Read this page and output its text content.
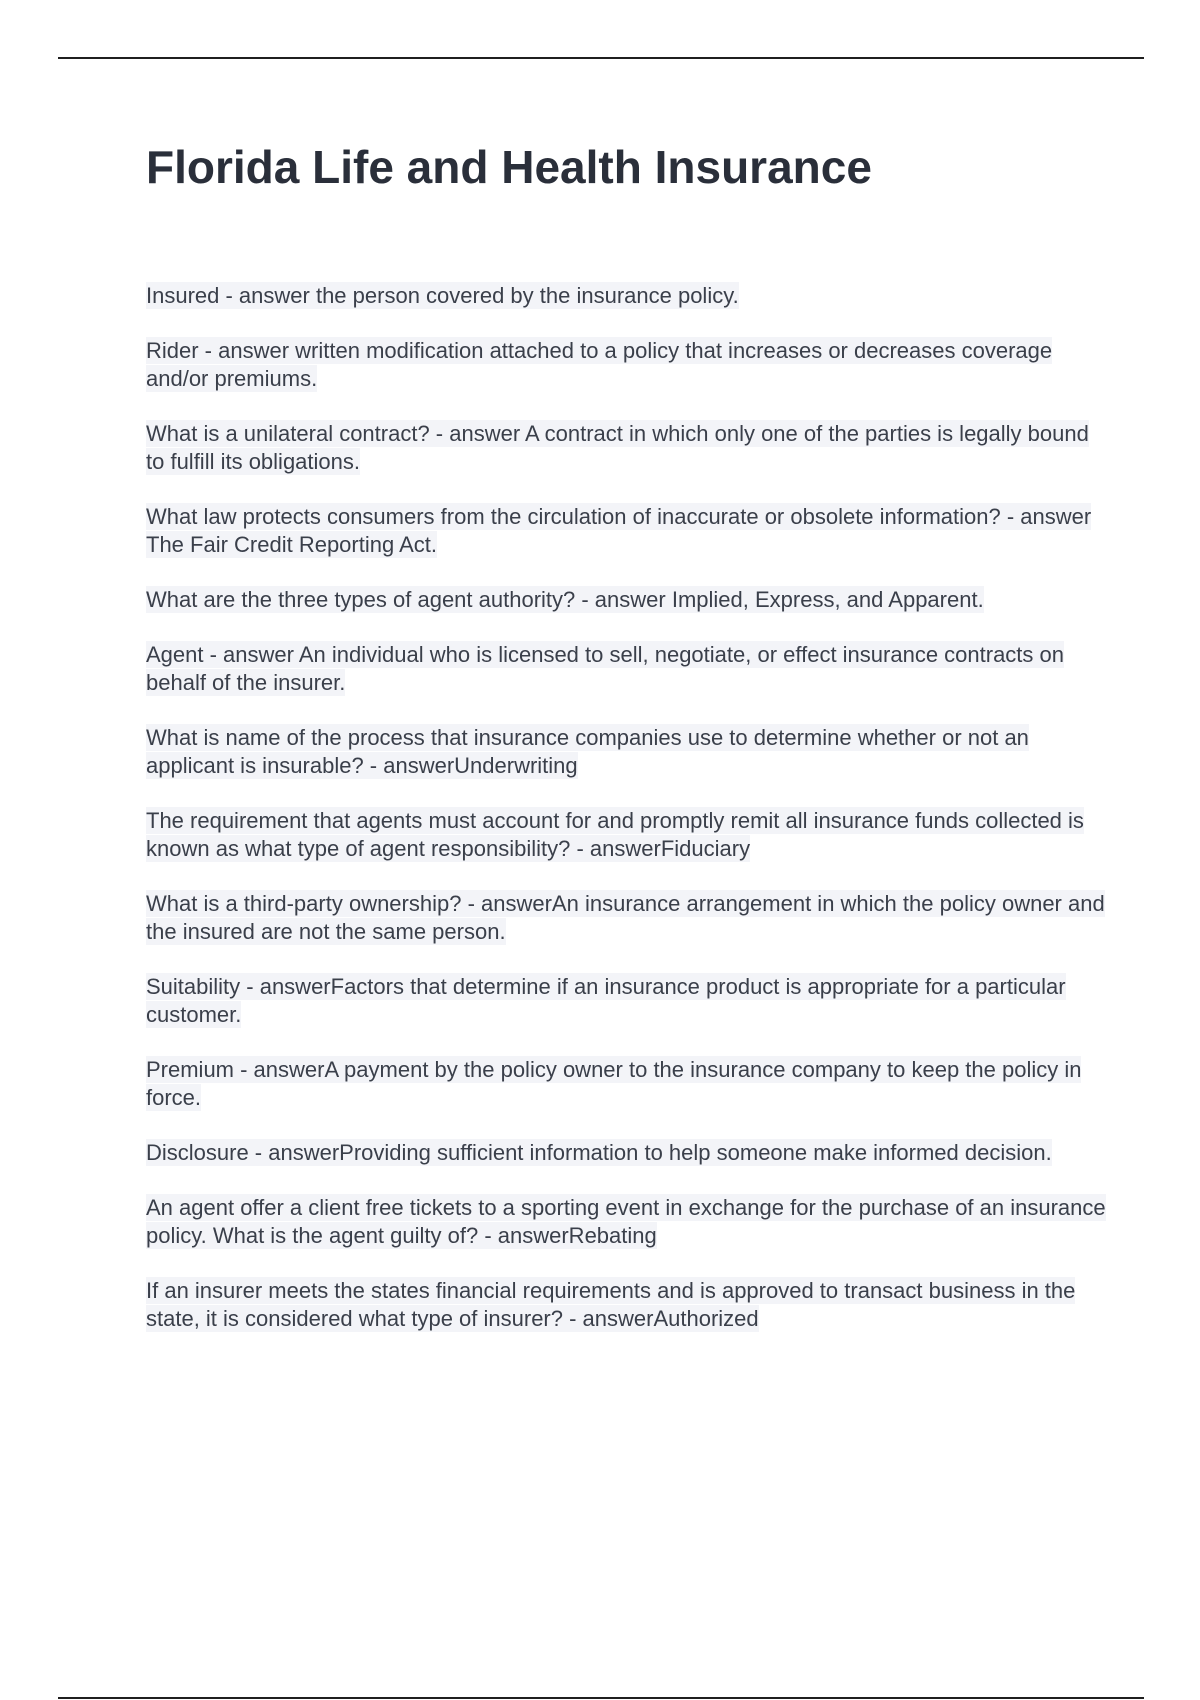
Florida Life and Health Insurance
Insured - answer the person covered by the insurance policy.
Rider - answer written modification attached to a policy that increases or decreases coverage and/or premiums.
What is a unilateral contract? - answer A contract in which only one of the parties is legally bound to fulfill its obligations.
What law protects consumers from the circulation of inaccurate or obsolete information? - answer The Fair Credit Reporting Act.
What are the three types of agent authority? - answer Implied, Express, and Apparent.
Agent - answer An individual who is licensed to sell, negotiate, or effect insurance contracts on behalf of the insurer.
What is name of the process that insurance companies use to determine whether or not an applicant is insurable? - answerUnderwriting
The requirement that agents must account for and promptly remit all insurance funds collected is known as what type of agent responsibility? - answerFiduciary
What is a third-party ownership? - answerAn insurance arrangement in which the policy owner and the insured are not the same person.
Suitability - answerFactors that determine if an insurance product is appropriate for a particular customer.
Premium - answerA payment by the policy owner to the insurance company to keep the policy in force.
Disclosure - answerProviding sufficient information to help someone make informed decision.
An agent offer a client free tickets to a sporting event in exchange for the purchase of an insurance policy. What is the agent guilty of? - answerRebating
If an insurer meets the states financial requirements and is approved to transact business in the state, it is considered what type of insurer? - answerAuthorized
